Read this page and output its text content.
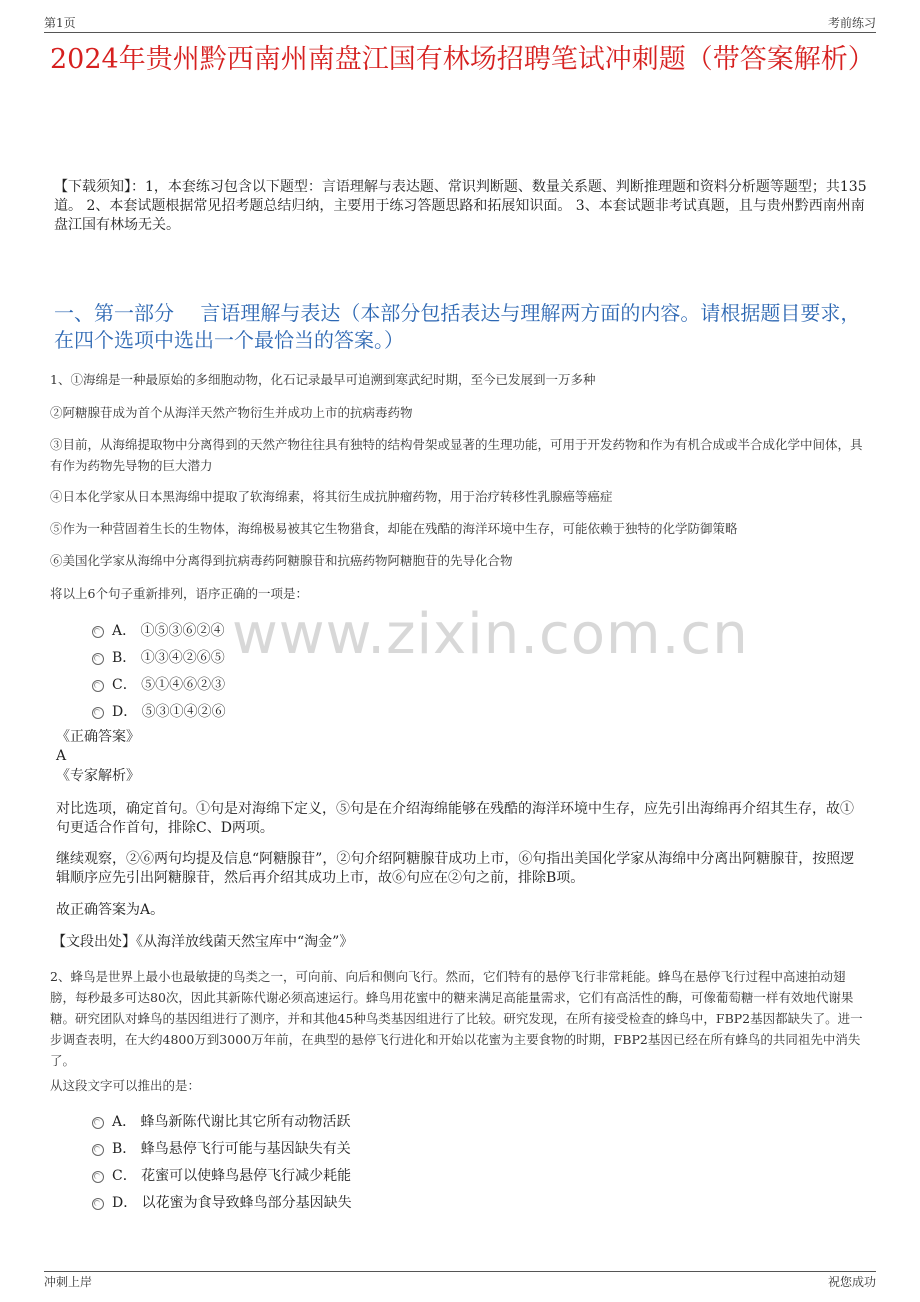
第1页	考前练习
2024年贵州黔西南州南盘江国有林场招聘笔试冲刺题（带答案解析）
【下载须知】：1，本套练习包含以下题型：言语理解与表达题、常识判断题、数量关系题、判断推理题和资料分析题等题型；共135道。 2、本套试题根据常见招考题总结归纳，主要用于练习答题思路和拓展知识面。 3、本套试题非考试真题，且与贵州黔西南州南盘江国有林场无关。
一、第一部分　 言语理解与表达（本部分包括表达与理解两方面的内容。请根据题目要求，在四个选项中选出一个最恰当的答案。）
1、①海绵是一种最原始的多细胞动物，化石记录最早可追溯到寒武纪时期，至今已发展到一万多种
②阿糖腺苷成为首个从海洋天然产物衍生并成功上市的抗病毒药物
③目前，从海绵提取物中分离得到的天然产物往往具有独特的结构骨架或显著的生理功能，可用于开发药物和作为有机合成或半合成化学中间体，具有作为药物先导物的巨大潜力
④日本化学家从日本黑海绵中提取了软海绵素，将其衍生成抗肿瘤药物，用于治疗转移性乳腺癌等癌症
⑤作为一种营固着生长的生物体，海绵极易被其它生物猎食，却能在残酷的海洋环境中生存，可能依赖于独特的化学防御策略
⑥美国化学家从海绵中分离得到抗病毒药阿糖腺苷和抗癌药物阿糖胞苷的先导化合物
将以上6个句子重新排列，语序正确的一项是：
www.zixin.com.cn
A． ①⑤③⑥②④
B． ①③④②⑥⑤
C． ⑤①④⑥②③
D． ⑤③①④②⑥
《正确答案》
A
《专家解析》
对比选项，确定首句。①句是对海绵下定义，⑤句是在介绍海绵能够在残酷的海洋环境中生存，应先引出海绵再介绍其生存，故①句更适合作首句，排除C、D两项。
继续观察，②⑥两句均提及信息“阿糖腺苷”，②句介绍阿糖腺苷成功上市，⑥句指出美国化学家从海绵中分离出阿糖腺苷，按照逻辑顺序应先引出阿糖腺苷，然后再介绍其成功上市，故⑥句应在②句之前，排除B项。
故正确答案为A。
【文段出处】《从海洋放线菌天然宝库中“淘金”》
2、蜂鸟是世界上最小也最敏捷的鸟类之一，可向前、向后和侧向飞行。然而，它们特有的悬停飞行非常耗能。蜂鸟在悬停飞行过程中高速拍动翅膀，每秒最多可达80次，因此其新陈代谢必须高速运行。蜂鸟用花蜜中的糖来满足高能量需求，它们有高活性的酶，可像葡萄糖一样有效地代谢果糖。研究团队对蜂鸟的基因组进行了测序，并和其他45种鸟类基因组进行了比较。研究发现，在所有接受检查的蜂鸟中，FBP2基因都缺失了。进一步调查表明，在大约4800万到3000万年前，在典型的悬停飞行进化和开始以花蜜为主要食物的时期，FBP2基因已经在所有蜂鸟的共同祖先中消失了。
从这段文字可以推出的是：
A． 蜂鸟新陈代谢比其它所有动物活跃
B． 蜂鸟悬停飞行可能与基因缺失有关
C． 花蜜可以使蜂鸟悬停飞行减少耗能
D． 以花蜜为食导致蜂鸟部分基因缺失
冲刺上岸	祝您成功
